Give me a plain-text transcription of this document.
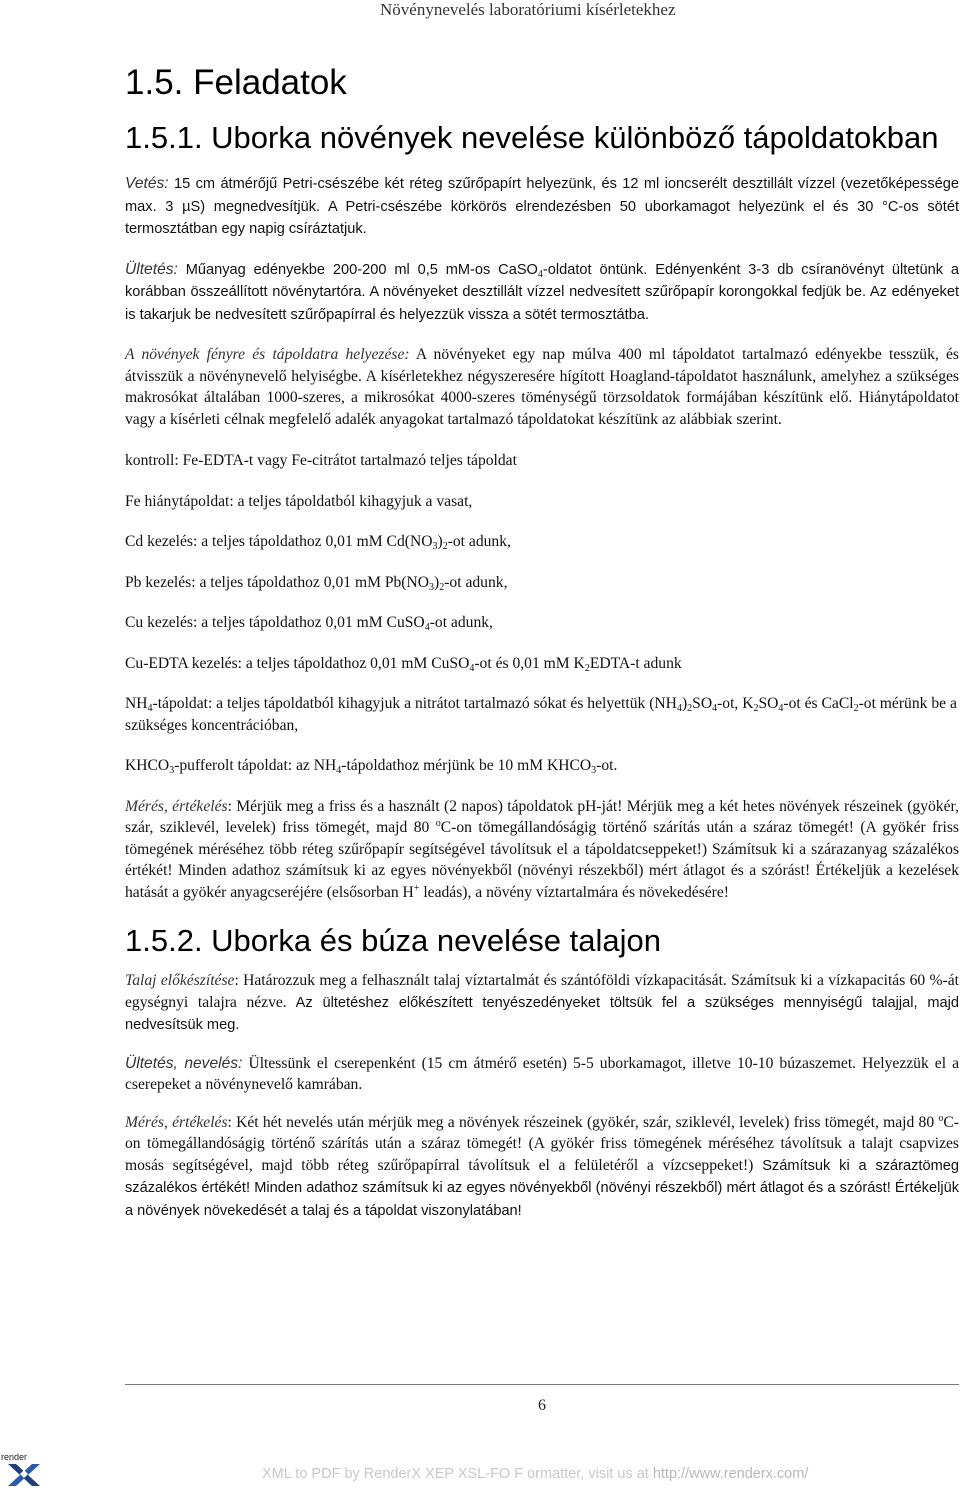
Növénynevelés laboratóriumi kísérletekhez
1.5. Feladatok
1.5.1. Uborka növények nevelése különböző tápoldatokban

Vetés: 15 cm átmérőjű Petri-csészébe két réteg szűrőpapírt helyezünk, és 12 ml ioncserélt desztillált vízzel (vezetőképessége max. 3 µS) megnedvesítjük. A Petri-csészébe körkörös elrendezésben 50 uborkamagot helyezünk el és 30 °C-os sötét termosztátban egy napig csíráztatjuk.

Ültetés: Műanyag edényekbe 200-200 ml 0,5 mM-os CaSO$_4$-oldatot öntünk. Edényenként 3-3 db csíranövényt ültetünk a korábban összeállított növénytartóra. A növényeket desztillált vízzel nedvesített szűrőpapír korongokkal fedjük be. Az edényeket is takarjuk be nedvesített szűrőpapírral és helyezzük vissza a sötét termosztátba.

A növények fényre és tápoldatra helyezése: A növényeket egy nap múlva 400 ml tápoldatot tartalmazó edényekbe tesszük, és átvisszük a növénynevelő helyiségbe. A kísérletekhez négyszeresére hígított Hoagland-tápoldatot használunk, amelyhez a szükséges makrosókat általában 1000-szeres, a mikrosókat 4000-szeres töménységű törzsoldatok formájában készítünk elő. Hiánytápoldatot vagy a kísérleti célnak megfelelő adalék anyagokat tartalmazó tápoldatokat készítünk az alábbiak szerint.

kontroll: Fe-EDTA-t vagy Fe-citrátot tartalmazó teljes tápoldat
Fe hiánytápoldat: a teljes tápoldatból kihagyjuk a vasat,
Cd kezelés: a teljes tápoldathoz 0,01 mM $Cd(NO_3)_2-ot$ adunk,
Pb kezelés: a teljes tápoldathoz 0,01 mM $Pb(NO_3)_2-ot$ adunk,
Cu kezelés: a teljes tápoldathoz 0,01 mM CuSO$_4$-ot adunk,
Cu-EDTA kezelés: a teljes tápoldathoz 0,01 mM CuSO$_4$-ot és 0,01 mM $K_2EDTA-t$ adunk
$NH_4$-tápoldat: a teljes tápoldatból kihagyjuk a nitrátot tartalmazó sókat és helyettük $(NH_4)_2SO_4-ot$, $K_2SO_4-ot$ és CaCl$_2$-ot mérünk be a szükséges koncentrációban,
$KHCO_3$-pufferolt tápoldat: az $NH_4$-tápoldathoz mérjünk be 10 mM $KHCO_3-ot$.

Mérés, értékelés: Mérjük meg a friss és a használt (2 napos) tápoldatok pH-ját! Mérjük meg a két hetes növények részeinek (gyökér, szár, sziklevél, levelek) friss tömegét, majd 80 $^o$C-on tömegállandóságig történő szárítás után a száraz tömegét! (A gyökér friss tömegének méréséhez több réteg szűrőpapír segítségével távolítsuk el a tápoldatcseppeket!) Számítsuk ki a szárazanyag százalékos értékét! Minden adathoz számítsuk ki az egyes növényekből (növényi részekből) mért átlagot és a szórást! Értékeljük a kezelések hatását a gyökér anyagcseréjére (elsősorban H+ leadás), a növény víztartalmára és növekedésére!

1.5.2. Uborka és búza nevelése talajon

Talaj előkészítése: Határozzuk meg a felhasznált talaj víztartalmát és szántóföldi vízkapacitását. Számítsuk ki a vízkapacitás 60 %-át egységnyi talajra nézve. Az ültetéshez előkészített tenyészedényeket töltsük fel a szükséges mennyiségű talajjal, majd nedvesítsük meg.

Ültetés, nevelés: Ültessünk el cserepenként (15 cm átmérő esetén) 5-5 uborkamagot, illetve 10-10 búzaszemet. Helyezzük el a cserepeket a növénynevelő kamrában.

Mérés, értékelés: Két hét nevelés után mérjük meg a növények részeinek (gyökér, szár, sziklevél, levelek) friss tömegét, majd 80 $^o$C-on tömegállandóságig történő szárítás után a száraz tömegét! (A gyökér friss tömegének méréséhez távolítsuk a talajt csapvizes mosás segítségével, majd több réteg szűrőpapírral távolítsuk el a felületéről a vízcseppeket!) Számítsuk ki a száraztömeg százalékos értékét! Minden adathoz számítsuk ki az egyes növényekből (növényi részekből) mért átlagot és a szórást! Értékeljük a növények növekedését a talaj és a tápoldat viszonylatában!

6
render
XML to PDF by RenderX XEP XSL-FO F ormatter, visit us at http://www.renderx.com/
